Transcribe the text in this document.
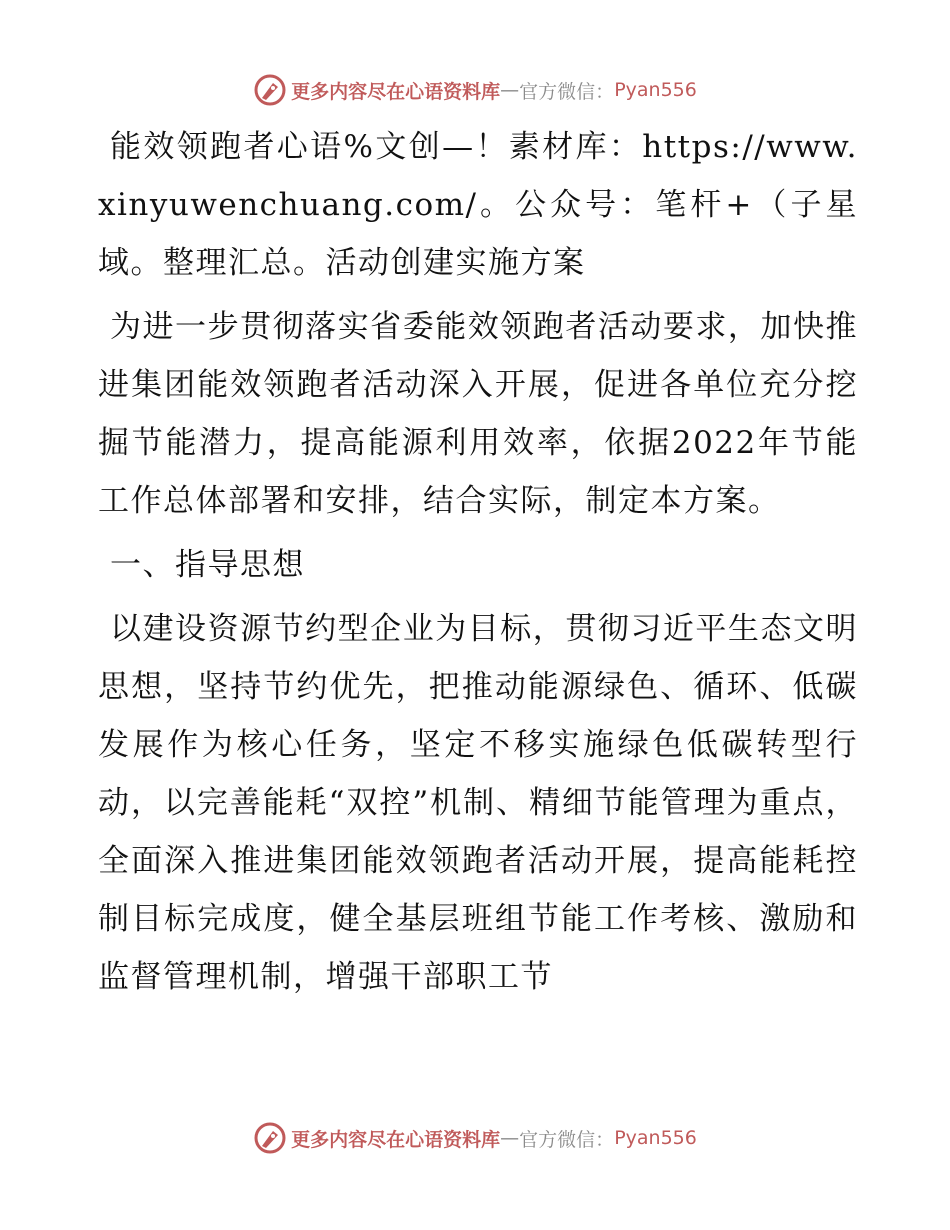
更多内容尽在心语资料库 — 官方微信： Pyan556

能效领跑者心语%文创—！素材库：https://www.xinyuwenchuang.com/。公众号：笔杆+（子星域。整理汇总。活动创建实施方案

为进一步贯彻落实省委能效领跑者活动要求，加快推进集团能效领跑者活动深入开展，促进各单位充分挖掘节能潜力，提高能源利用效率，依据2022年节能工作总体部署和安排，结合实际，制定本方案。

一、指导思想

以建设资源节约型企业为目标，贯彻习近平生态文明思想，坚持节约优先，把推动能源绿色、循环、低碳发展作为核心任务，坚定不移实施绿色低碳转型行动，以完善能耗“双控”机制、精细节能管理为重点，全面深入推进集团能效领跑者活动开展，提高能耗控制目标完成度，健全基层班组节能工作考核、激励和监督管理机制，增强干部职工节

更多内容尽在心语资料库 — 官方微信： Pyan556
